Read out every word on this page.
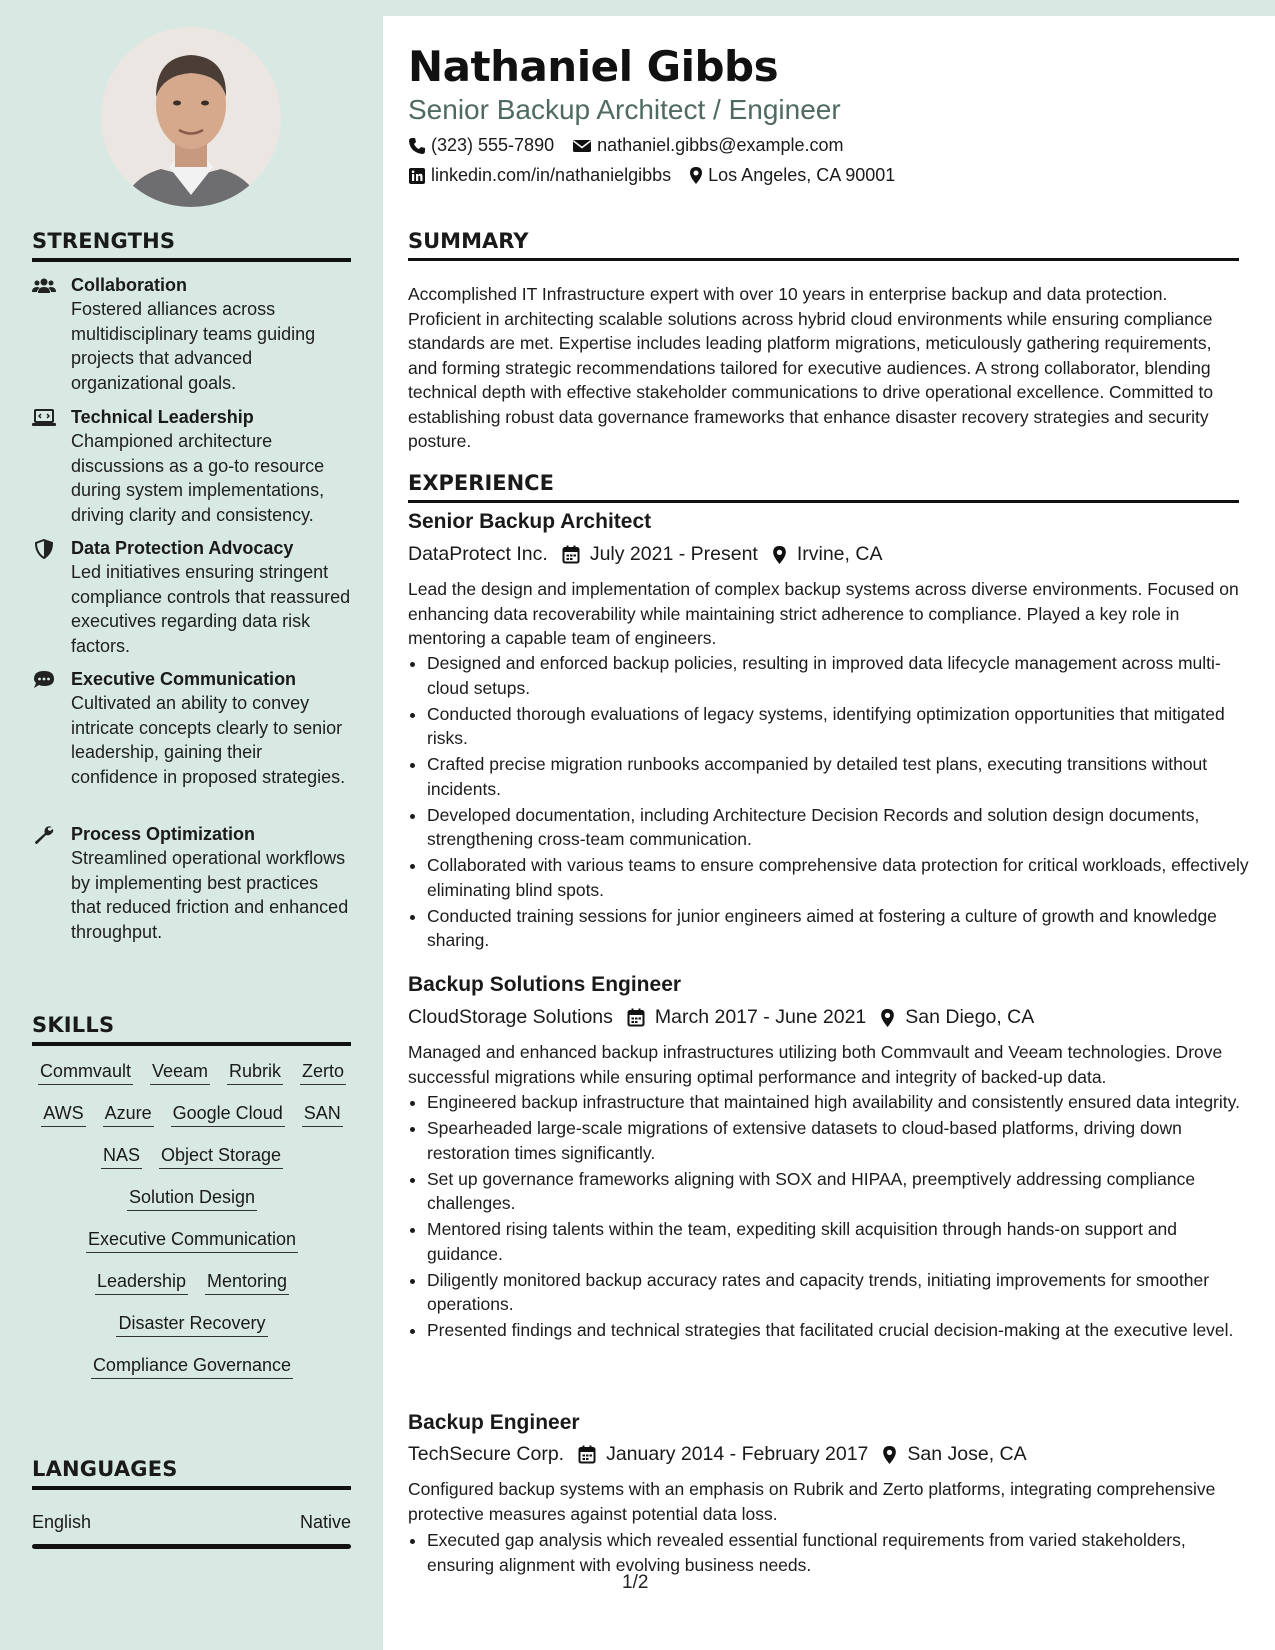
STRENGTHS
Collaboration
Fostered alliances across multidisciplinary teams guiding projects that advanced organizational goals.
Technical Leadership
Championed architecture discussions as a go-to resource during system implementations, driving clarity and consistency.
Data Protection Advocacy
Led initiatives ensuring stringent compliance controls that reassured executives regarding data risk factors.
Executive Communication
Cultivated an ability to convey intricate concepts clearly to senior leadership, gaining their confidence in proposed strategies.
Process Optimization
Streamlined operational workflows by implementing best practices that reduced friction and enhanced throughput.
SKILLS
Commvault Veeam Rubrik Zerto
AWS Azure Google Cloud SAN
NAS Object Storage
Solution Design
Executive Communication
Leadership Mentoring
Disaster Recovery
Compliance Governance
LANGUAGES
English	Native
Nathaniel Gibbs
Senior Backup Architect / Engineer
(323) 555-7890 nathaniel.gibbs@example.com
linkedin.com/in/nathanielgibbs Los Angeles, CA 90001
SUMMARY
Accomplished IT Infrastructure expert with over 10 years in enterprise backup and data protection. Proficient in architecting scalable solutions across hybrid cloud environments while ensuring compliance standards are met. Expertise includes leading platform migrations, meticulously gathering requirements, and forming strategic recommendations tailored for executive audiences. A strong collaborator, blending technical depth with effective stakeholder communications to drive operational excellence. Committed to establishing robust data governance frameworks that enhance disaster recovery strategies and security posture.
EXPERIENCE
Senior Backup Architect
DataProtect Inc. July 2021 - Present Irvine, CA
Lead the design and implementation of complex backup systems across diverse environments. Focused on enhancing data recoverability while maintaining strict adherence to compliance. Played a key role in mentoring a capable team of engineers.
• Designed and enforced backup policies, resulting in improved data lifecycle management across multi-cloud setups.
• Conducted thorough evaluations of legacy systems, identifying optimization opportunities that mitigated risks.
• Crafted precise migration runbooks accompanied by detailed test plans, executing transitions without incidents.
• Developed documentation, including Architecture Decision Records and solution design documents, strengthening cross-team communication.
• Collaborated with various teams to ensure comprehensive data protection for critical workloads, effectively eliminating blind spots.
• Conducted training sessions for junior engineers aimed at fostering a culture of growth and knowledge sharing.
Backup Solutions Engineer
CloudStorage Solutions March 2017 - June 2021 San Diego, CA
Managed and enhanced backup infrastructures utilizing both Commvault and Veeam technologies. Drove successful migrations while ensuring optimal performance and integrity of backed-up data.
• Engineered backup infrastructure that maintained high availability and consistently ensured data integrity.
• Spearheaded large-scale migrations of extensive datasets to cloud-based platforms, driving down restoration times significantly.
• Set up governance frameworks aligning with SOX and HIPAA, preemptively addressing compliance challenges.
• Mentored rising talents within the team, expediting skill acquisition through hands-on support and guidance.
• Diligently monitored backup accuracy rates and capacity trends, initiating improvements for smoother operations.
• Presented findings and technical strategies that facilitated crucial decision-making at the executive level.
Backup Engineer
TechSecure Corp. January 2014 - February 2017 San Jose, CA
Configured backup systems with an emphasis on Rubrik and Zerto platforms, integrating comprehensive protective measures against potential data loss.
• Executed gap analysis which revealed essential functional requirements from varied stakeholders, ensuring alignment with evolving business needs.
1/2
